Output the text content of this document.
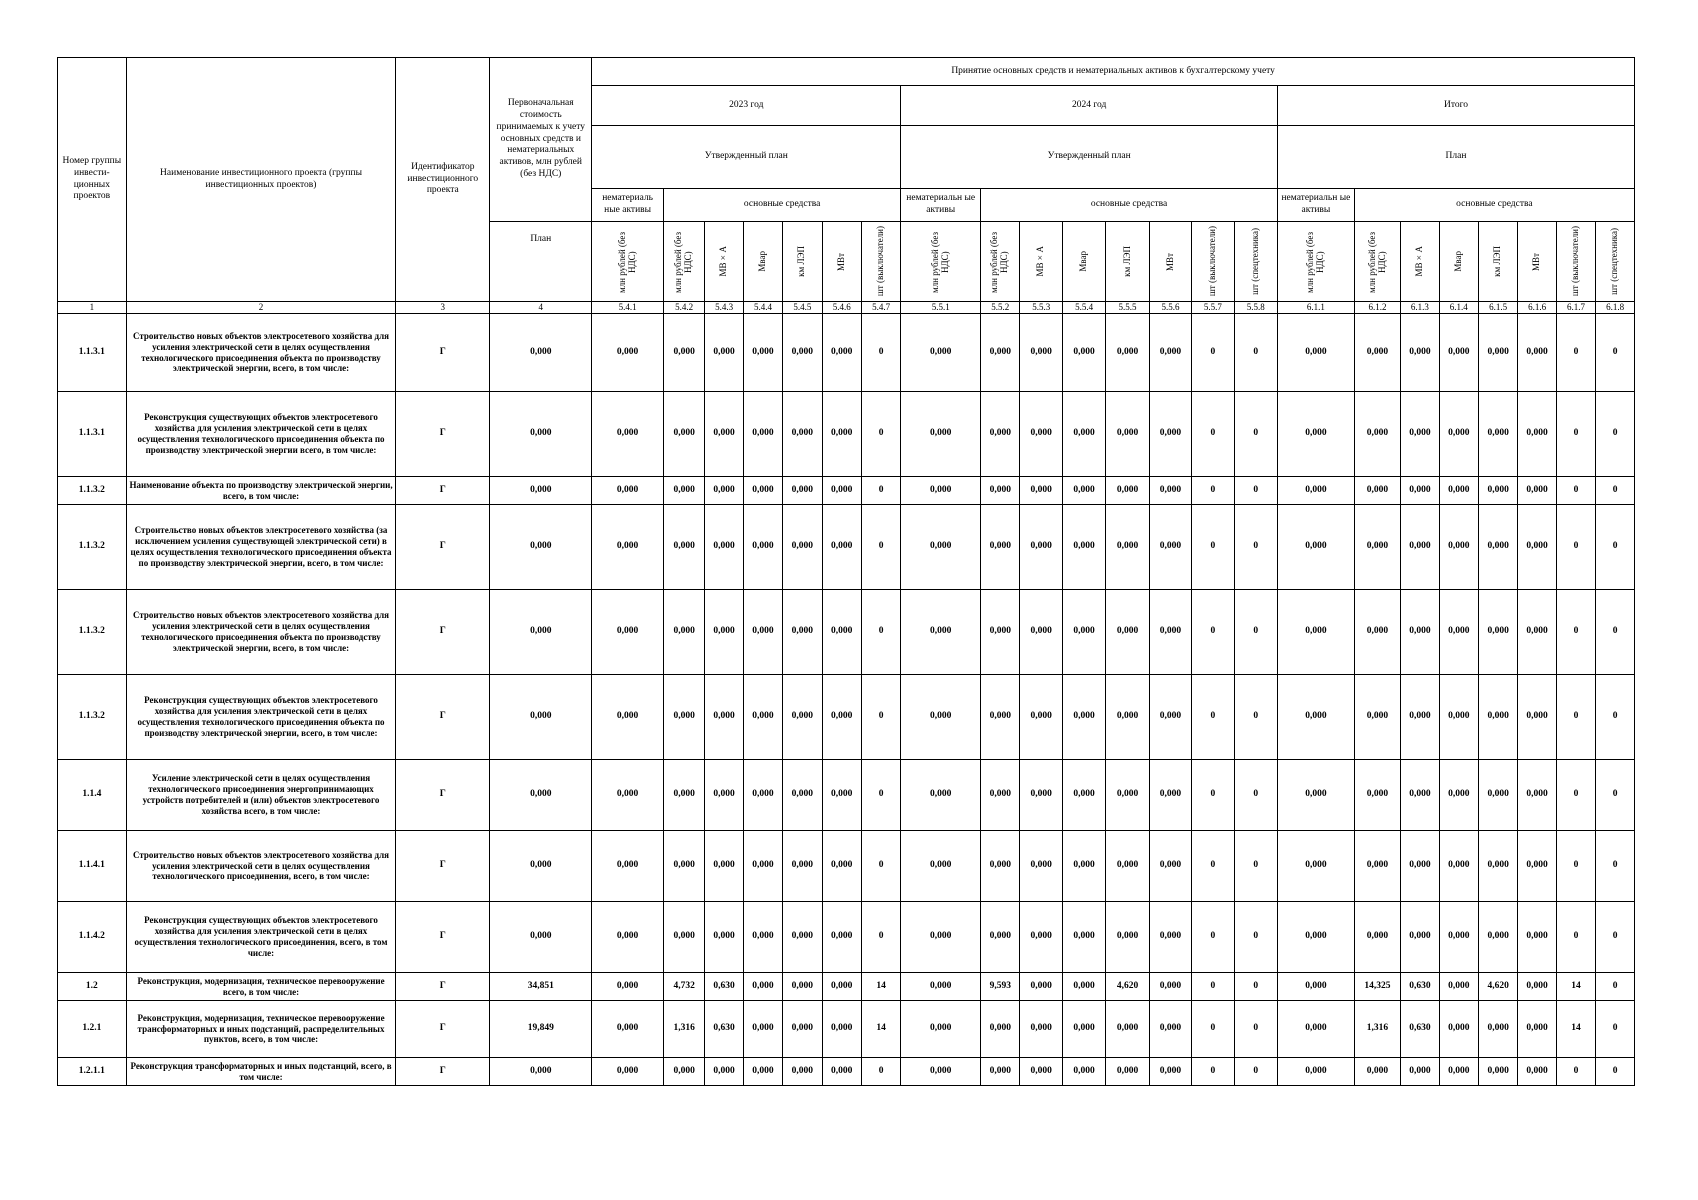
Номер группы инвести-ционных проектов	Наименование инвестиционного проекта (группы инвестиционных проектов)	Идентификатор инвестиционного проекта	Первоначальная стоимость принимаемых к учету основных средств и нематериальных активов, млн рублей (без НДС)	Принятие основных средств и нематериальных активов к бухгалтерскому учету																						
				2023 год							2024 год								Итого							
				Утвержденный план							Утвержденный план								План							
				нематериаль ные активы	основные средства						нематериальн ые активы	основные средства							нематериальн ые активы	основные средства						
			План	млн рублей (без НДС)	млн рублей (без НДС)	МВ×А	Мвар	км ЛЭП	МВт	шт (выключатели)	млн рублей (без НДС)	млн рублей (без НДС)	МВ×А	Мвар	км ЛЭП	МВт	шт (выключатели)	шт (спецтехника)	млн рублей (без НДС)	млн рублей (без НДС)	МВ×А	Мвар	км ЛЭП	МВт	шт (выключатели)	шт (спецтехника)

1	2	3	4	5.4.1	5.4.2	5.4.3	5.4.4	5.4.5	5.4.6	5.4.7	5.5.1	5.5.2	5.5.3	5.5.4	5.5.5	5.5.6	5.5.7	5.5.8	6.1.1	6.1.2	6.1.3	6.1.4	6.1.5	6.1.6	6.1.7	6.1.8
1.1.3.1	Строительство новых объектов электросетевого хозяйства для усиления электрической сети в целях осуществления технологического присоединения объекта по производству электрической энергии, всего, в том числе:	Г	0,000	0,000	0,000	0,000	0,000	0,000	0,000	0	0,000	0,000	0,000	0,000	0,000	0,000	0	0	0,000	0,000	0,000	0,000	0,000	0,000	0	0
1.1.3.1	Реконструкция существующих объектов электросетевого хозяйства для усиления электрической сети в целях осуществления технологического присоединения объекта по производству электрической энергии всего, в том числе:	Г	0,000	0,000	0,000	0,000	0,000	0,000	0,000	0	0,000	0,000	0,000	0,000	0,000	0,000	0	0	0,000	0,000	0,000	0,000	0,000	0,000	0	0
1.1.3.2	Наименование объекта по производству электрической энергии, всего, в том числе:	Г	0,000	0,000	0,000	0,000	0,000	0,000	0,000	0	0,000	0,000	0,000	0,000	0,000	0,000	0	0	0,000	0,000	0,000	0,000	0,000	0,000	0	0
1.1.3.2	Строительство новых объектов электросетевого хозяйства (за исключением усиления существующей электрической сети) в целях осуществления технологического присоединения объекта по производству электрической энергии, всего, в том числе:	Г	0,000	0,000	0,000	0,000	0,000	0,000	0,000	0	0,000	0,000	0,000	0,000	0,000	0,000	0	0	0,000	0,000	0,000	0,000	0,000	0,000	0	0
1.1.3.2	Строительство новых объектов электросетевого хозяйства для усиления электрической сети в целях осуществления технологического присоединения объекта по производству электрической энергии, всего, в том числе:	Г	0,000	0,000	0,000	0,000	0,000	0,000	0,000	0	0,000	0,000	0,000	0,000	0,000	0,000	0	0	0,000	0,000	0,000	0,000	0,000	0,000	0	0
1.1.3.2	Реконструкция существующих объектов электросетевого хозяйства для усиления электрической сети в целях осуществления технологического присоединения объекта по производству электрической энергии, всего, в том числе:	Г	0,000	0,000	0,000	0,000	0,000	0,000	0,000	0	0,000	0,000	0,000	0,000	0,000	0,000	0	0	0,000	0,000	0,000	0,000	0,000	0,000	0	0
1.1.4	Усиление электрической сети в целях осуществления технологического присоединения энергопринимающих устройств потребителей и (или) объектов электросетевого хозяйства всего, в том числе:	Г	0,000	0,000	0,000	0,000	0,000	0,000	0,000	0	0,000	0,000	0,000	0,000	0,000	0,000	0	0	0,000	0,000	0,000	0,000	0,000	0,000	0	0
1.1.4.1	Строительство новых объектов электросетевого хозяйства для усиления электрической сети в целях осуществления технологического присоединения, всего, в том числе:	Г	0,000	0,000	0,000	0,000	0,000	0,000	0,000	0	0,000	0,000	0,000	0,000	0,000	0,000	0	0	0,000	0,000	0,000	0,000	0,000	0,000	0	0
1.1.4.2	Реконструкция существующих объектов электросетевого хозяйства для усиления электрической сети в целях осуществления технологического присоединения, всего, в том числе:	Г	0,000	0,000	0,000	0,000	0,000	0,000	0,000	0	0,000	0,000	0,000	0,000	0,000	0,000	0	0	0,000	0,000	0,000	0,000	0,000	0,000	0	0
1.2	Реконструкция, модернизация, техническое перевооружение всего, в том числе:	Г	34,851	0,000	4,732	0,630	0,000	0,000	0,000	14	0,000	9,593	0,000	0,000	4,620	0,000	0	0	0,000	14,325	0,630	0,000	4,620	0,000	14	0
1.2.1	Реконструкция, модернизация, техническое перевооружение трансформаторных и иных подстанций, распределительных пунктов, всего, в том числе:	Г	19,849	0,000	1,316	0,630	0,000	0,000	0,000	14	0,000	0,000	0,000	0,000	0,000	0,000	0	0	0,000	1,316	0,630	0,000	0,000	0,000	14	0
1.2.1.1	Реконструкция трансформаторных и иных подстанций, всего, в том числе:	Г	0,000	0,000	0,000	0,000	0,000	0,000	0,000	0	0,000	0,000	0,000	0,000	0,000	0,000	0	0	0,000	0,000	0,000	0,000	0,000	0,000	0	0
